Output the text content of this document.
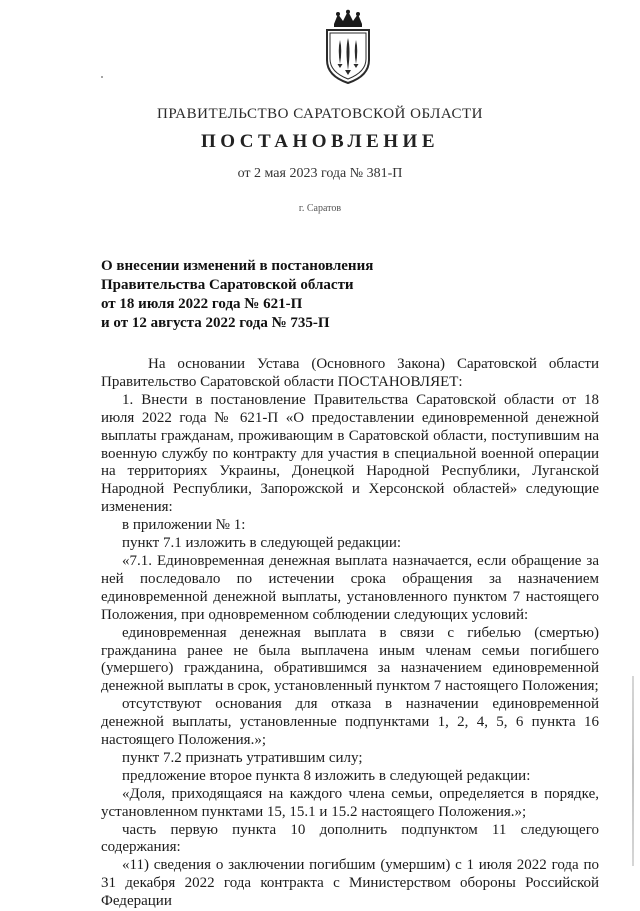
ПРАВИТЕЛЬСТВО САРАТОВСКОЙ ОБЛАСТИ
ПОСТАНОВЛЕНИЕ
от 2 мая 2023 года № 381-П
г. Саратов
О внесении изменений в постановления
Правительства Саратовской области
от 18 июля 2022 года № 621-П
и от 12 августа 2022 года № 735-П

На основании Устава (Основного Закона) Саратовской области Правительство Саратовской области ПОСТАНОВЛЯЕТ:

1. Внести в постановление Правительства Саратовской области от 18 июля 2022 года № 621-П «О предоставлении единовременной денежной выплаты гражданам, проживающим в Саратовской области, поступившим на военную службу по контракту для участия в специальной военной операции на территориях Украины, Донецкой Народной Республики, Луганской Народной Республики, Запорожской и Херсонской областей» следующие изменения:

в приложении № 1:

пункт 7.1 изложить в следующей редакции:

«7.1. Единовременная денежная выплата назначается, если обращение за ней последовало по истечении срока обращения за назначением единовременной денежной выплаты, установленного пунктом 7 настоящего Положения, при одновременном соблюдении следующих условий:

единовременная денежная выплата в связи с гибелью (смертью) гражданина ранее не была выплачена иным членам семьи погибшего (умершего) гражданина, обратившимся за назначением единовременной денежной выплаты в срок, установленный пунктом 7 настоящего Положения;

отсутствуют основания для отказа в назначении единовременной денежной выплаты, установленные подпунктами 1, 2, 4, 5, 6 пункта 16 настоящего Положения.»;

пункт 7.2 признать утратившим силу;

предложение второе пункта 8 изложить в следующей редакции:

«Доля, приходящаяся на каждого члена семьи, определяется в порядке, установленном пунктами 15, 15.1 и 15.2 настоящего Положения.»;

часть первую пункта 10 дополнить подпунктом 11 следующего содержания:

«11) сведения о заключении погибшим (умершим) с 1 июля 2022 года по 31 декабря 2022 года контракта с Министерством обороны Российской Федерации
